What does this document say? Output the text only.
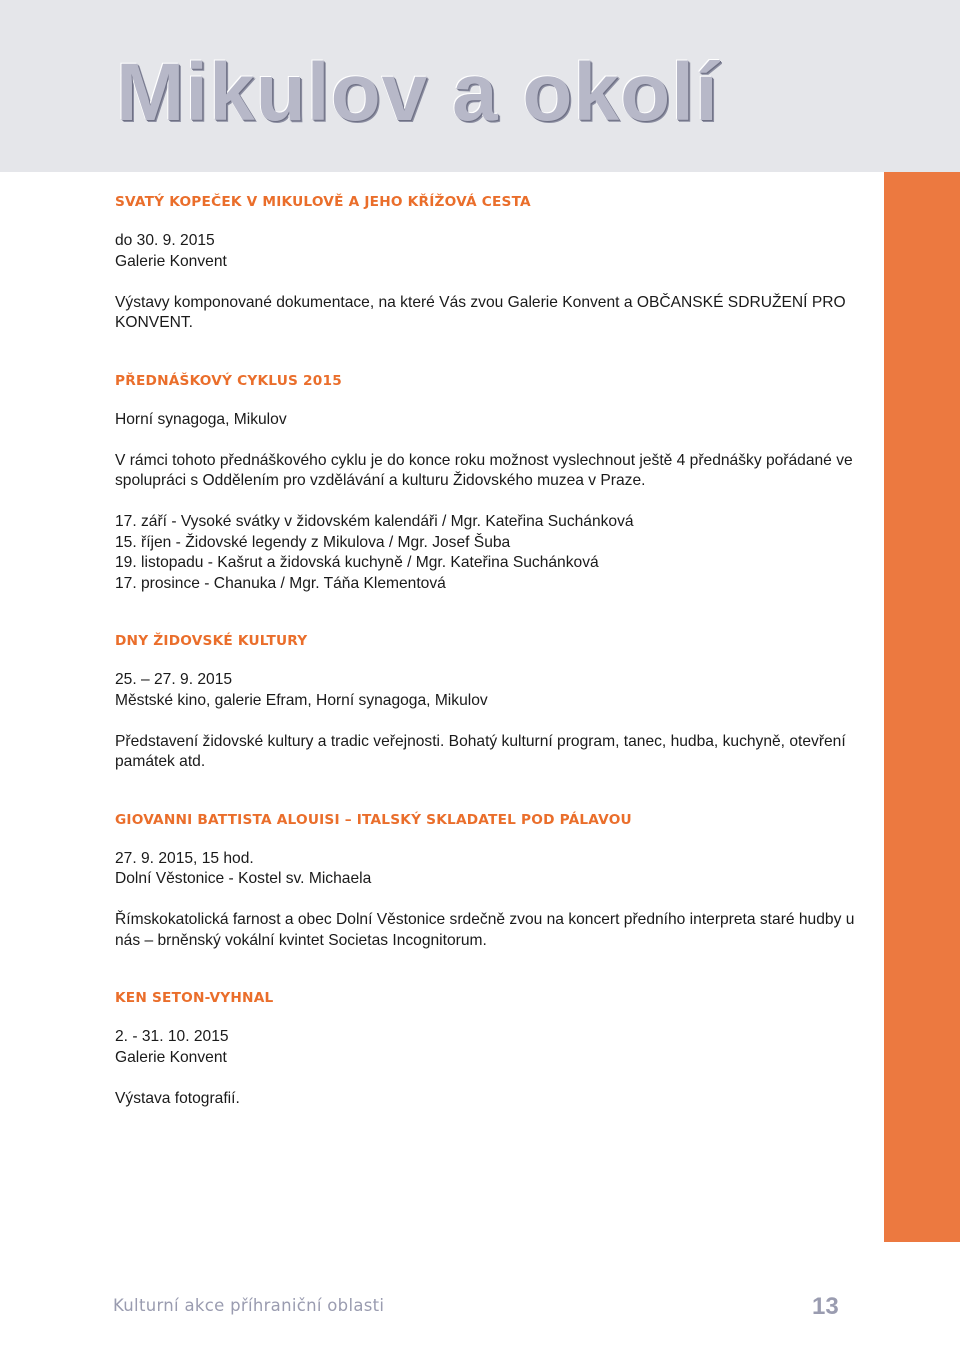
Mikulov a okolí

SVATÝ KOPEČEK V MIKULOVĚ A JEHO KŘÍŽOVÁ CESTA

do 30. 9. 2015

Galerie Konvent

Výstavy komponované dokumentace, na které Vás zvou Galerie Konvent a OBČANSKÉ SDRUŽENÍ PRO KONVENT.

PŘEDNÁŠKOVÝ CYKLUS 2015

Horní synagoga, Mikulov

V rámci tohoto přednáškového cyklu je do konce roku možnost vyslechnout ještě 4 přednášky pořádané ve spolupráci s Oddělením pro vzdělávání a kulturu Židovského muzea v Praze.

17. září - Vysoké svátky v židovském kalendáři / Mgr. Kateřina Suchánková

15. říjen - Židovské legendy z Mikulova / Mgr. Josef Šuba

19. listopadu - Kašrut a židovská kuchyně / Mgr. Kateřina Suchánková

17. prosince - Chanuka / Mgr. Táňa Klementová

DNY ŽIDOVSKÉ KULTURY

25. – 27. 9. 2015

Městské kino, galerie Efram, Horní synagoga, Mikulov

Představení židovské kultury a tradic veřejnosti. Bohatý kulturní program, tanec, hudba, kuchyně, otevření památek atd.

GIOVANNI BATTISTA ALOUISI – ITALSKÝ SKLADATEL POD PÁLAVOU

27. 9. 2015, 15 hod.

Dolní Věstonice - Kostel sv. Michaela

Římskokatolická farnost a obec Dolní Věstonice srdečně zvou na koncert předního interpreta staré hudby u nás – brněnský vokální kvintet Societas Incognitorum.

KEN SETON-VYHNAL

2. - 31. 10. 2015

Galerie Konvent

Výstava fotografií.

Kulturní akce příhraniční oblasti	13
